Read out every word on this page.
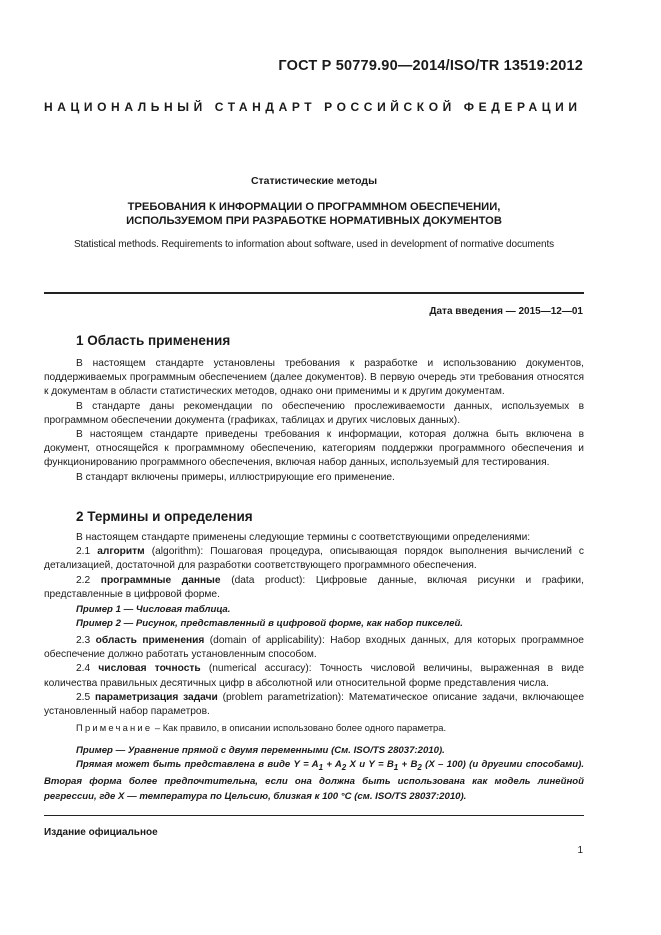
ГОСТ Р 50779.90—2014/ISO/TR 13519:2012
НАЦИОНАЛЬНЫЙ СТАНДАРТ РОССИЙСКОЙ ФЕДЕРАЦИИ
Статистические методы
ТРЕБОВАНИЯ К ИНФОРМАЦИИ О ПРОГРАММНОМ ОБЕСПЕЧЕНИИ,
ИСПОЛЬЗУЕМОМ ПРИ РАЗРАБОТКЕ НОРМАТИВНЫХ ДОКУМЕНТОВ
Statistical methods. Requirements to information about software, used in development of normative documents
Дата введения — 2015—12—01
1 Область применения

В настоящем стандарте установлены требования к разработке и использованию документов, поддерживаемых программным обеспечением (далее документов). В первую очередь эти требования относятся к документам в области статистических методов, однако они применимы и к другим документам.

В стандарте даны рекомендации по обеспечению прослеживаемости данных, используемых в программном обеспечении документа (графиках, таблицах и других числовых данных).

В настоящем стандарте приведены требования к информации, которая должна быть включена в документ, относящейся к программному обеспечению, категориям поддержки программного обеспечения и функционированию программного обеспечения, включая набор данных, используемый для тестирования.

В стандарт включены примеры, иллюстрирующие его применение.

2 Термины и определения

В настоящем стандарте применены следующие термины с соответствующими определениями:

2.1 алгоритм (algorithm): Пошаговая процедура, описывающая порядок выполнения вычислений с детализацией, достаточной для разработки соответствующего программного обеспечения.

2.2 программные данные (data product): Цифровые данные, включая рисунки и графики, представленные в цифровой форме.

Пример 1 — Числовая таблица.

Пример 2 — Рисунок, представленный в цифровой форме, как набор пикселей.

2.3 область применения (domain of applicability): Набор входных данных, для которых программное обеспечение должно работать установленным способом.

2.4 числовая точность (numerical accuracy): Точность числовой величины, выраженная в виде количества правильных десятичных цифр в абсолютной или относительной форме представления числа.

2.5 параметризация задачи (problem parametrization): Математическое описание задачи, включающее установленный набор параметров.

Примечание – Как правило, в описании использовано более одного параметра.

Пример — Уравнение прямой с двумя переменными (См. ISO/TS 28037:2010).

Прямая может быть представлена в виде $Y = A_1 + A_2$ X и $Y = B_1 + B_2$ (X – 100) (и другими способами). Вторая форма более предпочтительна, если она должна быть использована как модель линейной регрессии, где X — температура по Цельсию, близкая к 100 °C (см. ISO/TS 28037:2010).

Издание официальное
1
